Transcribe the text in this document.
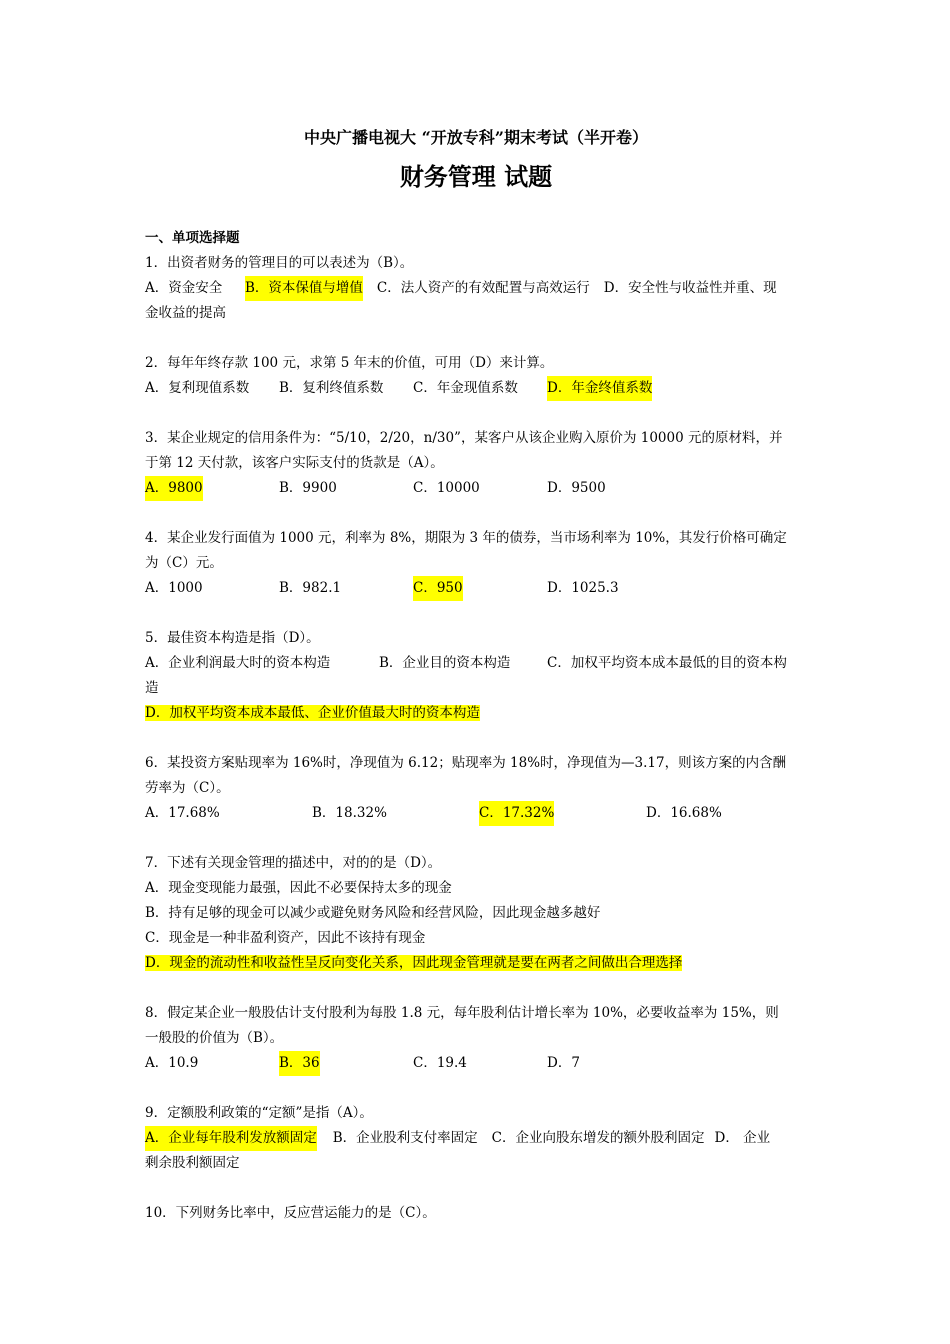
中央广播电视大 “开放专科”期末考试（半开卷）
财务管理 试题
一、单项选择题
1．出资者财务的管理目的可以表述为（B）。
A．资金安全	B．资本保值与增值 C．法人资产的有效配置与高效运行 D．安全性与收益性并重、现
金收益的提高
2．每年年终存款 100 元，求第 5 年末的价值，可用（D）来计算。
A．复利现值系数	B．复利终值系数	C．年金现值系数	D．年金终值系数
3．某企业规定的信用条件为：“5/10，2/20，n/30”，某客户从该企业购入原价为 10000 元的原材料，并
于第 12 天付款，该客户实际支付的货款是（A）。
A．9800	B．9900	C．10000	D．9500
4．某企业发行面值为 1000 元，利率为 8%，期限为 3 年的债券，当市场利率为 10%，其发行价格可确定
为（C）元。
A．1000	B．982.1	C．950	D．1025.3
5．最佳资本构造是指（D）。
A．企业利润最大时的资本构造	B．企业目的资本构造	C．加权平均资本成本最低的目的资本构
造
D．加权平均资本成本最低、企业价值最大时的资本构造
6．某投资方案贴现率为 16%时，净现值为 6.12；贴现率为 18%时，净现值为—3.17，则该方案的内含酬
劳率为（C）。
A．17.68%	B．18.32%	C．17.32%	D．16.68%
7．下述有关现金管理的描述中，对的的是（D）。
A．现金变现能力最强，因此不必要保持太多的现金
B．持有足够的现金可以减少或避免财务风险和经营风险，因此现金越多越好
C．现金是一种非盈利资产，因此不该持有现金
D．现金的流动性和收益性呈反向变化关系，因此现金管理就是要在两者之间做出合理选择
8．假定某企业一般股估计支付股利为每股 1.8 元，每年股利估计增长率为 10%，必要收益率为 15%，则
一般股的价值为（B）。
A．10.9	B．36	C．19.4	D．7
9．定额股利政策的“定额”是指（A）。
A．企业每年股利发放额固定 B．企业股利支付率固定 C．企业向股东增发的额外股利固定 D． 企业
剩余股利额固定
10．下列财务比率中，反应营运能力的是（C）。
